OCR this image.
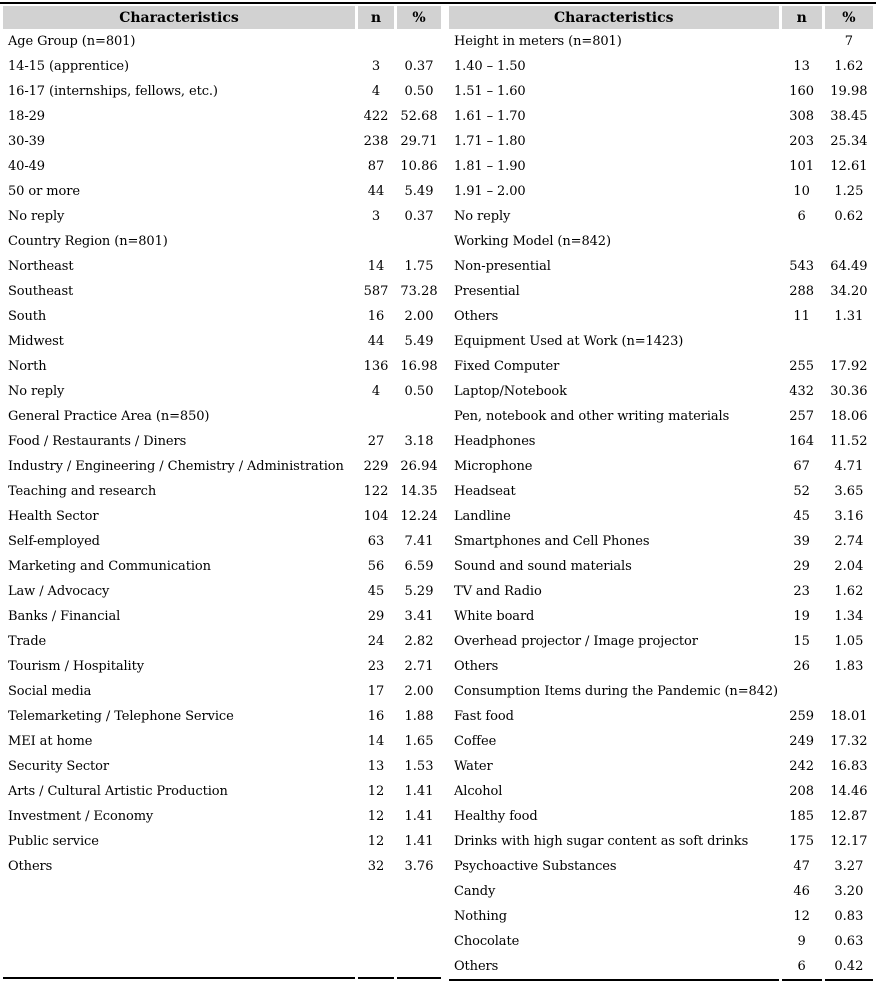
Characteristics	n	%
Age Group (n=801)		
14-15 (apprentice)	3	0.37
16-17 (internships, fellows, etc.)	4	0.50
18-29	422	52.68
30-39	238	29.71
40-49	87	10.86
50 or more	44	5.49
No reply	3	0.37
Country Region (n=801)		
Northeast	14	1.75
Southeast	587	73.28
South	16	2.00
Midwest	44	5.49
North	136	16.98
No reply	4	0.50
General Practice Area (n=850)		
Food / Restaurants / Diners	27	3.18
Industry / Engineering / Chemistry / Administration	229	26.94
Teaching and research	122	14.35
Health Sector	104	12.24
Self-employed	63	7.41
Marketing and Communication	56	6.59
Law / Advocacy	45	5.29
Banks / Financial	29	3.41
Trade	24	2.82
Tourism / Hospitality	23	2.71
Social media	17	2.00
Telemarketing / Telephone Service	16	1.88
MEI at home	14	1.65
Security Sector	13	1.53
Arts / Cultural Artistic Production	12	1.41
Investment / Economy	12	1.41
Public service	12	1.41
Others	32	3.76

Characteristics	n	%
Height in meters (n=801)		7
1.40 – 1.50	13	1.62
1.51 – 1.60	160	19.98
1.61 – 1.70	308	38.45
1.71 – 1.80	203	25.34
1.81 – 1.90	101	12.61
1.91 – 2.00	10	1.25
No reply	6	0.62
Working Model (n=842)		
Non-presential	543	64.49
Presential	288	34.20
Others	11	1.31
Equipment Used at Work (n=1423)		
Fixed Computer	255	17.92
Laptop/Notebook	432	30.36
Pen, notebook and other writing materials	257	18.06
Headphones	164	11.52
Microphone	67	4.71
Headseat	52	3.65
Landline	45	3.16
Smartphones and Cell Phones	39	2.74
Sound and sound materials	29	2.04
TV and Radio	23	1.62
White board	19	1.34
Overhead projector / Image projector	15	1.05
Others	26	1.83
Consumption Items during the Pandemic (n=842)		
Fast food	259	18.01
Coffee	249	17.32
Water	242	16.83
Alcohol	208	14.46
Healthy food	185	12.87
Drinks with high sugar content as soft drinks	175	12.17
Psychoactive Substances	47	3.27
Candy	46	3.20
Nothing	12	0.83
Chocolate	9	0.63
Others	6	0.42
